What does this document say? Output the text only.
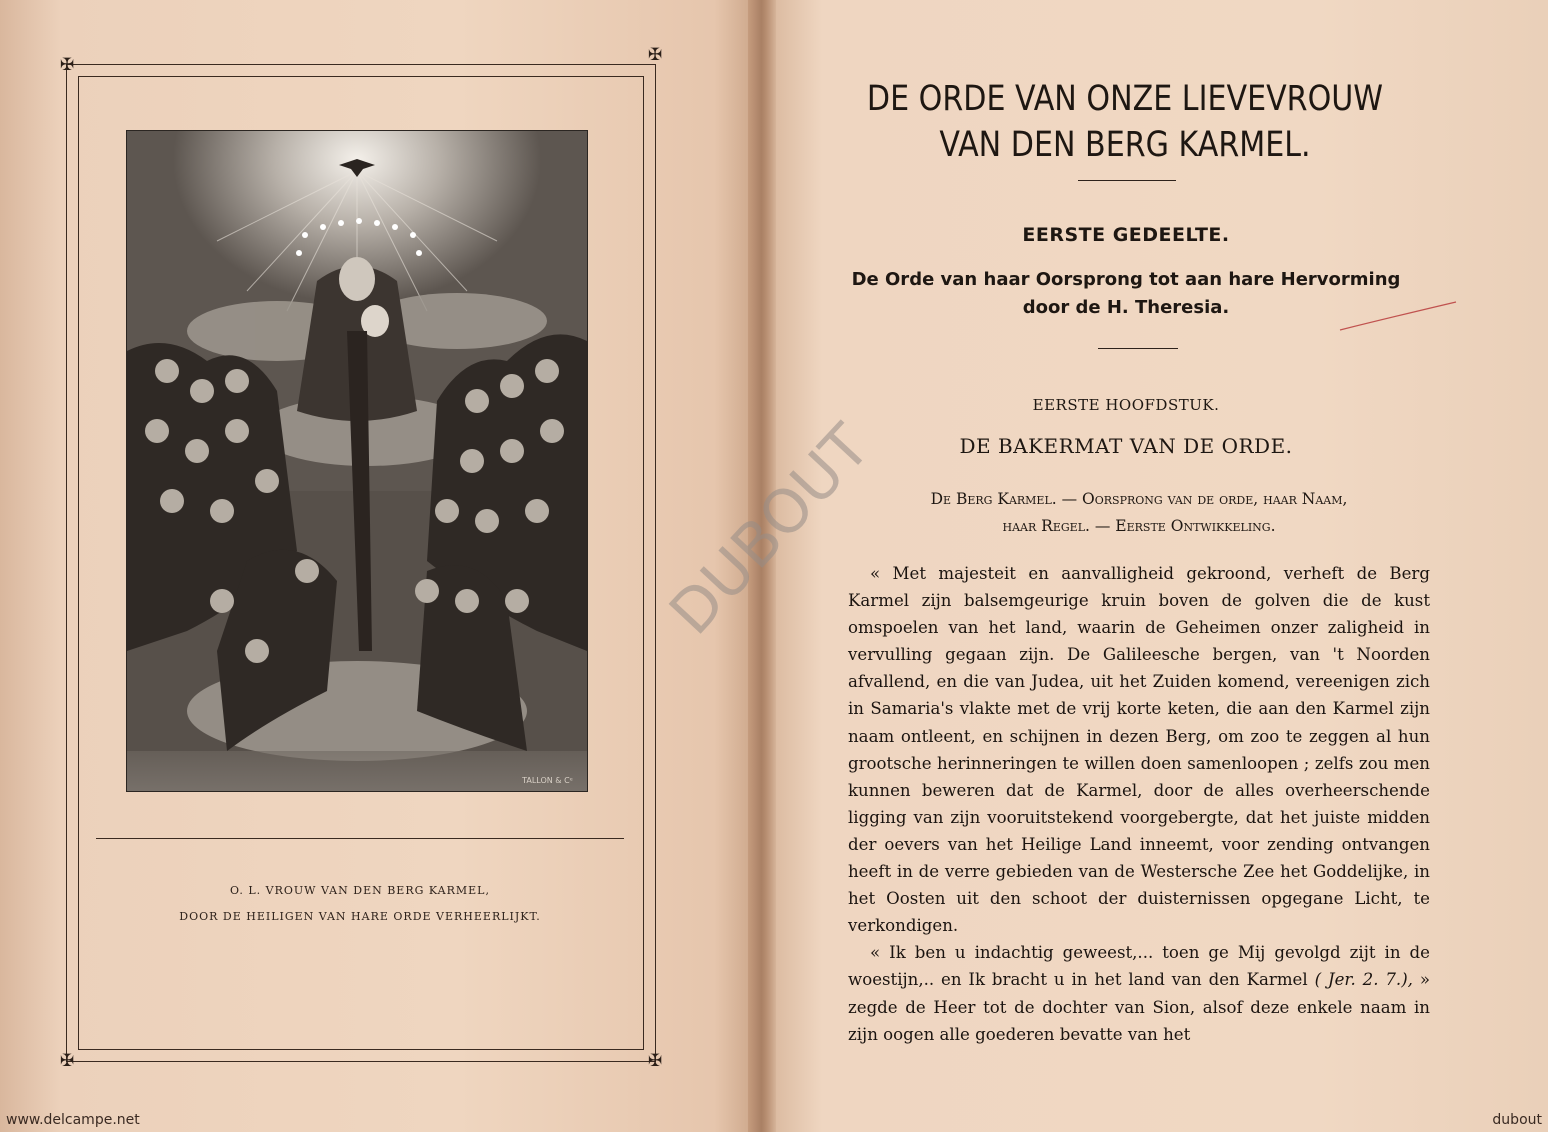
✠	✠
✠	✠
TALLON & Cᵉ
O. L. VROUW VAN DEN BERG KARMEL,
DOOR DE HEILIGEN VAN HARE ORDE VERHEERLIJKT.
DE ORDE VAN ONZE LIEVEVROUW
VAN DEN BERG KARMEL.
EERSTE GEDEELTE.
De Orde van haar Oorsprong tot aan hare Hervorming
door de H. Theresia.
EERSTE HOOFDSTUK.
DE BAKERMAT VAN DE ORDE.
De Berg Karmel. — Oorsprong van de orde, haar Naam,
haar Regel. — Eerste Ontwikkeling.

« Met majesteit en aanvalligheid gekroond, verheft de Berg Karmel zijn balsemgeurige kruin boven de golven die de kust omspoelen van het land, waarin de Geheimen onzer zaligheid in vervulling gegaan zijn. De Galileesche bergen, van 't Noorden afvallend, en die van Judea, uit het Zuiden komend, vereenigen zich in Samaria's vlakte met de vrij korte keten, die aan den Karmel zijn naam ontleent, en schijnen in dezen Berg, om zoo te zeggen al hun grootsche herinneringen te willen doen samenloopen ; zelfs zou men kunnen beweren dat de Karmel, door de alles overheerschende ligging van zijn vooruitstekend voorgebergte, dat het juiste midden der oevers van het Heilige Land inneemt, voor zending ontvangen heeft in de verre gebieden van de Westersche Zee het Goddelijke, in het Oosten uit den schoot der duisternissen opgegane Licht, te verkondigen.

« Ik ben u indachtig geweest,... toen ge Mij gevolgd zijt in de woestijn,.. en Ik bracht u in het land van den Karmel ( Jer. 2. 7.), » zegde de Heer tot de dochter van Sion, alsof deze enkele naam in zijn oogen alle goederen bevatte van het

DUBOUT
www.delcampe.net	dubout
